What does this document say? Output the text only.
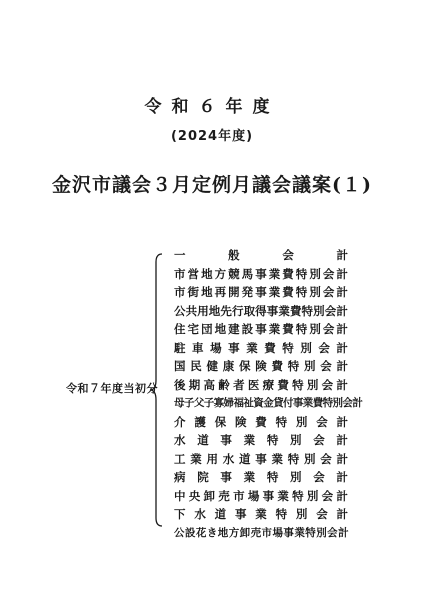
令和６年度
(2024年度)
金沢市議会３月定例月議会議案(１)
令和７年度当初分
一	般	会	計
市 営 地 方 競 馬 事 業 費 特 別 会 計
市 街 地 再 開 発 事 業 費 特 別 会 計
公 共 用 地 先 行 取 得 事 業 費 特 別 会 計
住 宅 団 地 建 設 事 業 費 特 別 会 計
駐 車 場 事 業 費 特 別 会 計
国 民 健 康 保 険 費 特 別 会 計
後 期 高 齢 者 医 療 費 特 別 会 計
母 子 父 子 寡 婦 福 祉 資 金 貸 付 事 業 費 特 別 会 計
介 護 保 険 費 特 別 会 計
水 道 事 業 特 別 会 計
工 業 用 水 道 事 業 特 別 会 計
病 院 事 業 特 別 会 計
中 央 卸 売 市 場 事 業 特 別 会 計
下 水 道 事 業 特 別 会 計
公 設 花 き 地 方 卸 売 市 場 事 業 特 別 会 計
